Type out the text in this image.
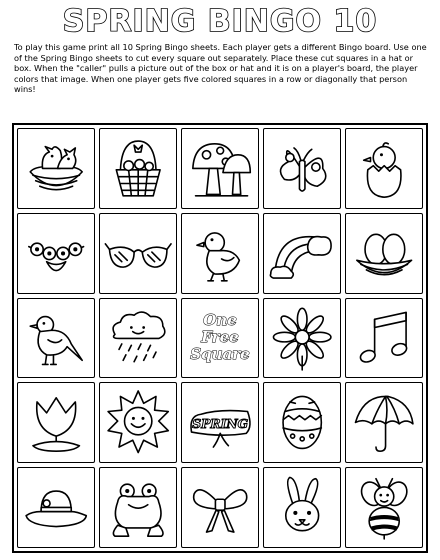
SPRING BINGO 10
To play this game print all 10 Spring Bingo sheets. Each player gets a different Bingo board. Use one of the Spring Bingo sheets to cut every square out separately. Place these cut squares in a hat or box. When the "caller" pulls a picture out of the box or hat and it is on a player's board, the player colors that image. When one player gets five colored squares in a row or diagonally that person wins!
One
Free
Square
SPRING
